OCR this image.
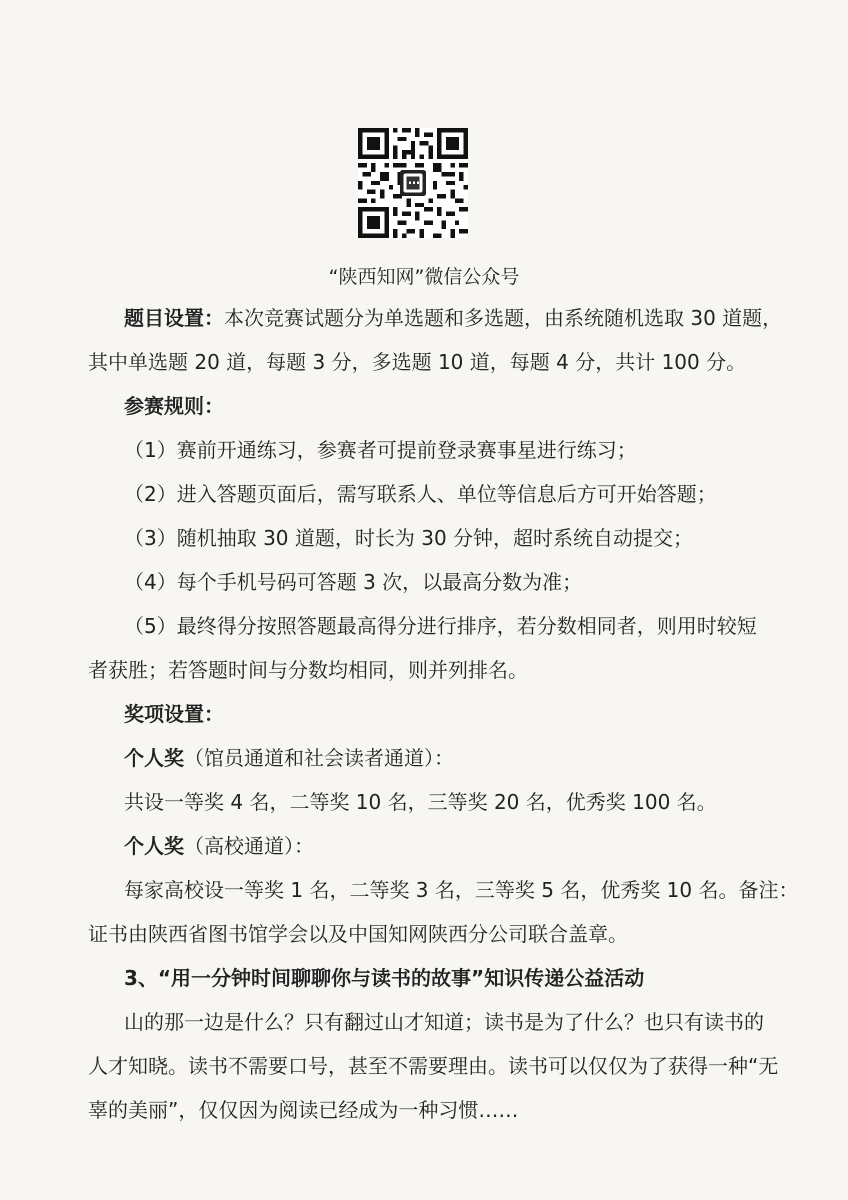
“陕西知网”微信公众号
题目设置：本次竞赛试题分为单选题和多选题，由系统随机选取 30 道题，
其中单选题 20 道，每题 3 分，多选题 10 道，每题 4 分，共计 100 分。
参赛规则：
（1）赛前开通练习，参赛者可提前登录赛事星进行练习；
（2）进入答题页面后，需写联系人、单位等信息后方可开始答题；
（3）随机抽取 30 道题，时长为 30 分钟，超时系统自动提交；
（4）每个手机号码可答题 3 次，以最高分数为准；
（5）最终得分按照答题最高得分进行排序，若分数相同者，则用时较短
者获胜；若答题时间与分数均相同，则并列排名。
奖项设置：
个人奖（馆员通道和社会读者通道）：
共设一等奖 4 名，二等奖 10 名，三等奖 20 名，优秀奖 100 名。
个人奖（高校通道）：
每家高校设一等奖 1 名，二等奖 3 名，三等奖 5 名，优秀奖 10 名。备注：
证书由陕西省图书馆学会以及中国知网陕西分公司联合盖章。
3、“用一分钟时间聊聊你与读书的故事”知识传递公益活动
山的那一边是什么？只有翻过山才知道；读书是为了什么？也只有读书的
人才知晓。读书不需要口号，甚至不需要理由。读书可以仅仅为了获得一种“无
辜的美丽”，仅仅因为阅读已经成为一种习惯……
